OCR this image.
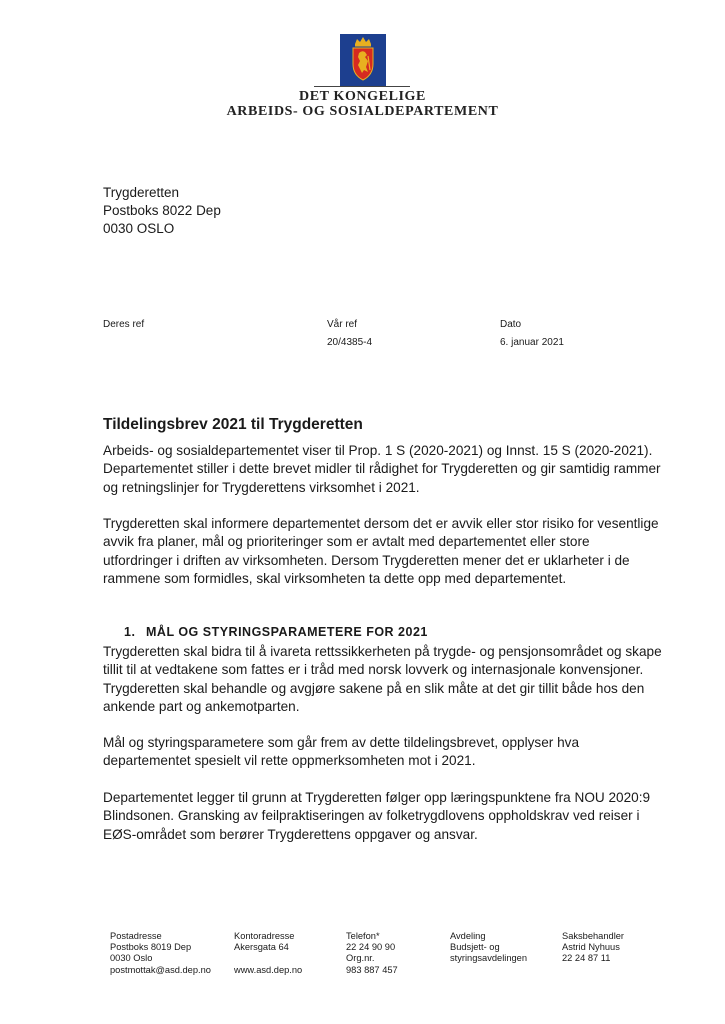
DET KONGELIGE
ARBEIDS- OG SOSIALDEPARTEMENT
Trygderetten
Postboks 8022 Dep
0030 OSLO
Deres ref	Vår ref
20/4385-4
Dato
6. januar 2021
Tildelingsbrev 2021 til Trygderetten
Arbeids- og sosialdepartementet viser til Prop. 1 S (2020-2021) og Innst. 15 S (2020-2021).
Departementet stiller i dette brevet midler til rådighet for Trygderetten og gir samtidig rammer
og retningslinjer for Trygderettens virksomhet i 2021.
Trygderetten skal informere departementet dersom det er avvik eller stor risiko for vesentlige
avvik fra planer, mål og prioriteringer som er avtalt med departementet eller store
utfordringer i driften av virksomheten. Dersom Trygderetten mener det er uklarheter i de
rammene som formidles, skal virksomheten ta dette opp med departementet.
1. MÅL OG STYRINGSPARAMETERE FOR 2021
Trygderetten skal bidra til å ivareta rettssikkerheten på trygde- og pensjonsområdet og skape
tillit til at vedtakene som fattes er i tråd med norsk lovverk og internasjonale konvensjoner.
Trygderetten skal behandle og avgjøre sakene på en slik måte at det gir tillit både hos den
ankende part og ankemotparten.
Mål og styringsparametere som går frem av dette tildelingsbrevet, opplyser hva
departementet spesielt vil rette oppmerksomheten mot i 2021.
Departementet legger til grunn at Trygderetten følger opp læringspunktene fra NOU 2020:9
Blindsonen. Gransking av feilpraktiseringen av folketrygdlovens oppholdskrav ved reiser i
EØS-området som berører Trygderettens oppgaver og ansvar.
Postadresse
Postboks 8019 Dep
0030 Oslo
postmottak@asd.dep.no
Kontoradresse
Akersgata 64

www.asd.dep.no
Telefon*
22 24 90 90
Org.nr.
983 887 457
Avdeling
Budsjett- og
styringsavdelingen
Saksbehandler
Astrid Nyhuus
22 24 87 11
